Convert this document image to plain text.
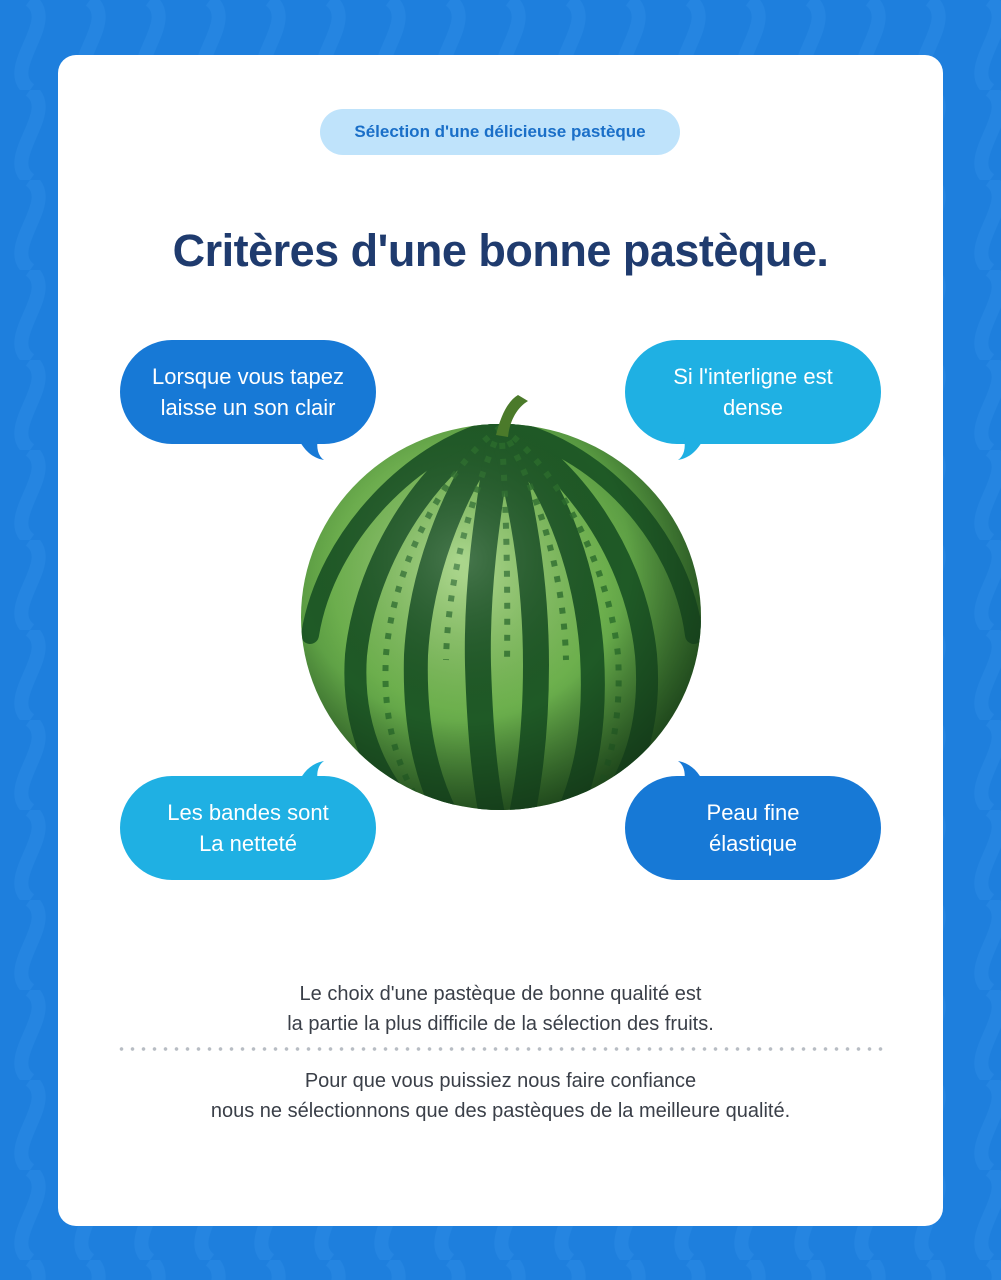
Sélection d'une délicieuse pastèque
Critères d'une bonne pastèque.
Lorsque vous tapez
laisse un son clair
Si l'interligne est
dense
Les bandes sont
La netteté
Peau fine
élastique
Le choix d'une pastèque de bonne qualité est
la partie la plus difficile de la sélection des fruits.
Pour que vous puissiez nous faire confiance
nous ne sélectionnons que des pastèques de la meilleure qualité.
